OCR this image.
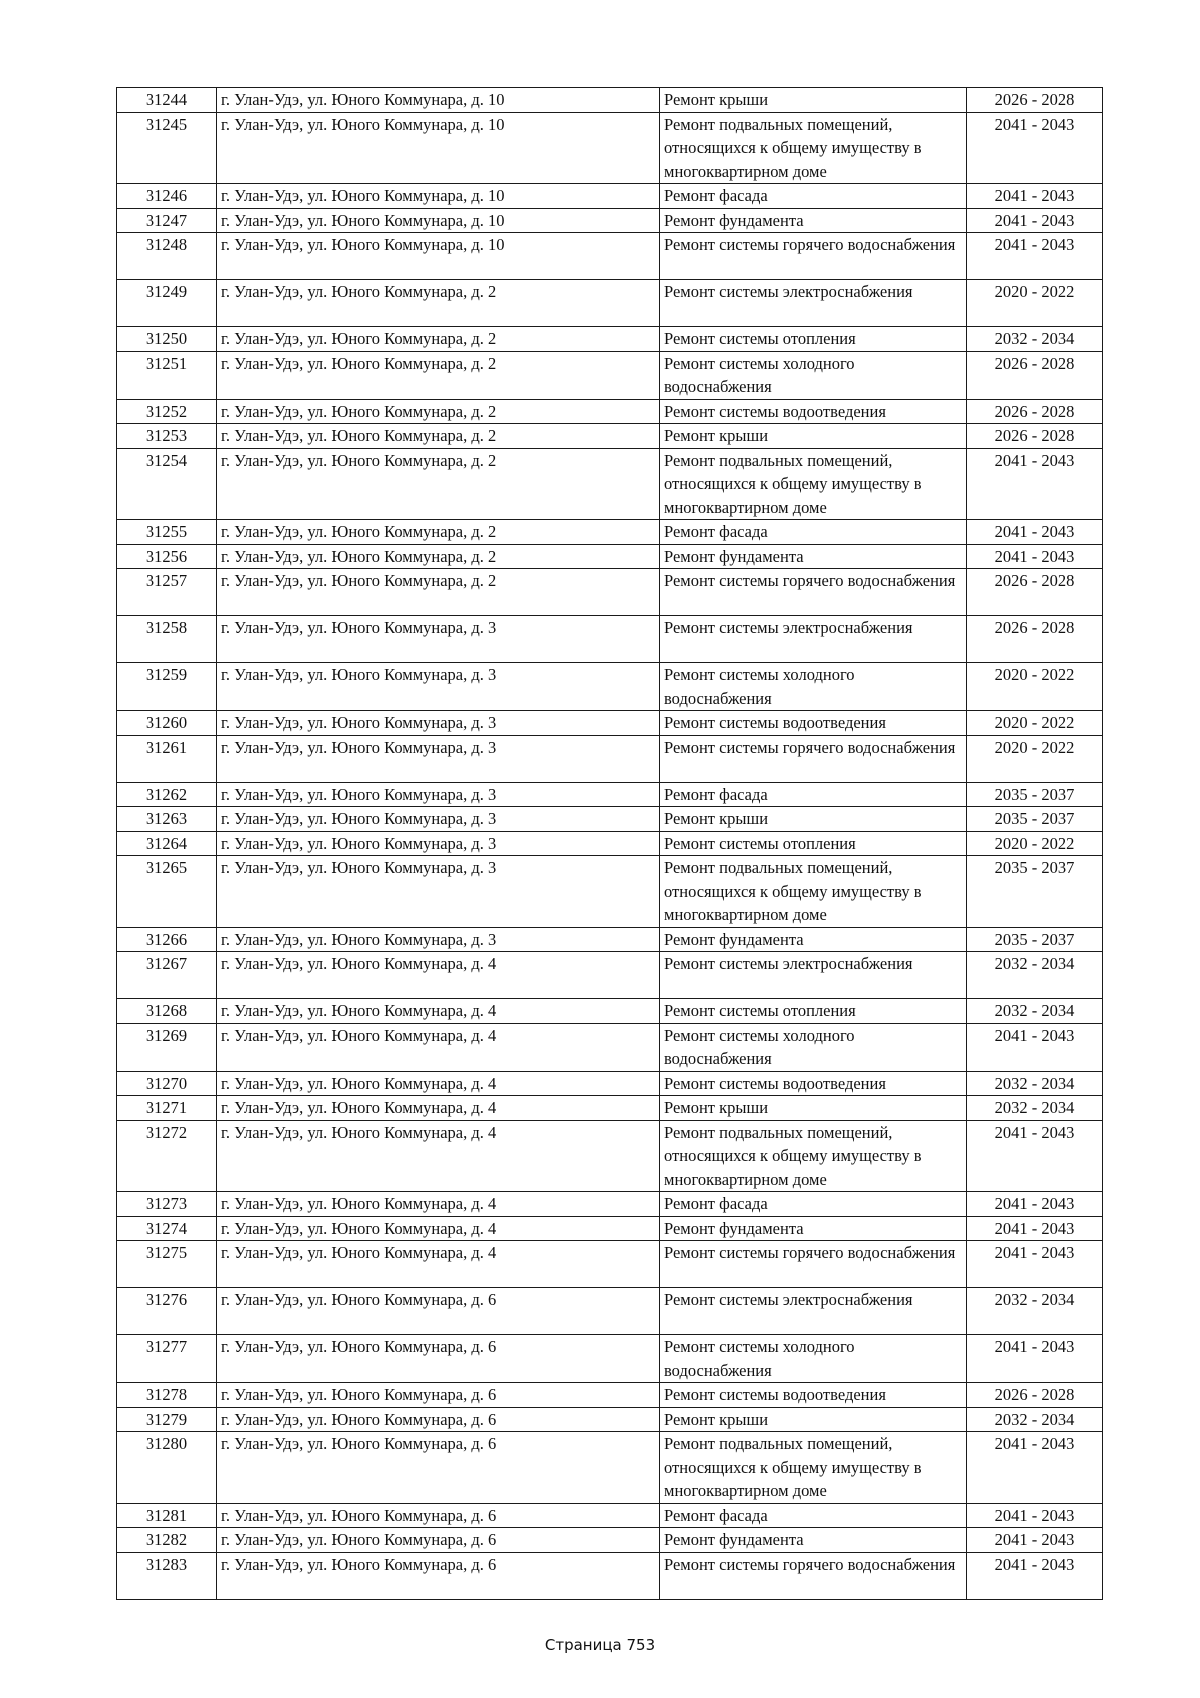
31244	г. Улан-Удэ, ул. Юного Коммунара, д. 10	Ремонт крыши	2026 - 2028
31245	г. Улан-Удэ, ул. Юного Коммунара, д. 10	Ремонт подвальных помещений, относящихся к общему имуществу в многоквартирном доме	2041 - 2043
31246	г. Улан-Удэ, ул. Юного Коммунара, д. 10	Ремонт фасада	2041 - 2043
31247	г. Улан-Удэ, ул. Юного Коммунара, д. 10	Ремонт фундамента	2041 - 2043
31248	г. Улан-Удэ, ул. Юного Коммунара, д. 10	Ремонт системы горячего водоснабжения	2041 - 2043
31249	г. Улан-Удэ, ул. Юного Коммунара, д. 2	Ремонт системы электроснабжения	2020 - 2022
31250	г. Улан-Удэ, ул. Юного Коммунара, д. 2	Ремонт системы отопления	2032 - 2034
31251	г. Улан-Удэ, ул. Юного Коммунара, д. 2	Ремонт системы холодного водоснабжения	2026 - 2028
31252	г. Улан-Удэ, ул. Юного Коммунара, д. 2	Ремонт системы водоотведения	2026 - 2028
31253	г. Улан-Удэ, ул. Юного Коммунара, д. 2	Ремонт крыши	2026 - 2028
31254	г. Улан-Удэ, ул. Юного Коммунара, д. 2	Ремонт подвальных помещений, относящихся к общему имуществу в многоквартирном доме	2041 - 2043
31255	г. Улан-Удэ, ул. Юного Коммунара, д. 2	Ремонт фасада	2041 - 2043
31256	г. Улан-Удэ, ул. Юного Коммунара, д. 2	Ремонт фундамента	2041 - 2043
31257	г. Улан-Удэ, ул. Юного Коммунара, д. 2	Ремонт системы горячего водоснабжения	2026 - 2028
31258	г. Улан-Удэ, ул. Юного Коммунара, д. 3	Ремонт системы электроснабжения	2026 - 2028
31259	г. Улан-Удэ, ул. Юного Коммунара, д. 3	Ремонт системы холодного водоснабжения	2020 - 2022
31260	г. Улан-Удэ, ул. Юного Коммунара, д. 3	Ремонт системы водоотведения	2020 - 2022
31261	г. Улан-Удэ, ул. Юного Коммунара, д. 3	Ремонт системы горячего водоснабжения	2020 - 2022
31262	г. Улан-Удэ, ул. Юного Коммунара, д. 3	Ремонт фасада	2035 - 2037
31263	г. Улан-Удэ, ул. Юного Коммунара, д. 3	Ремонт крыши	2035 - 2037
31264	г. Улан-Удэ, ул. Юного Коммунара, д. 3	Ремонт системы отопления	2020 - 2022
31265	г. Улан-Удэ, ул. Юного Коммунара, д. 3	Ремонт подвальных помещений, относящихся к общему имуществу в многоквартирном доме	2035 - 2037
31266	г. Улан-Удэ, ул. Юного Коммунара, д. 3	Ремонт фундамента	2035 - 2037
31267	г. Улан-Удэ, ул. Юного Коммунара, д. 4	Ремонт системы электроснабжения	2032 - 2034
31268	г. Улан-Удэ, ул. Юного Коммунара, д. 4	Ремонт системы отопления	2032 - 2034
31269	г. Улан-Удэ, ул. Юного Коммунара, д. 4	Ремонт системы холодного водоснабжения	2041 - 2043
31270	г. Улан-Удэ, ул. Юного Коммунара, д. 4	Ремонт системы водоотведения	2032 - 2034
31271	г. Улан-Удэ, ул. Юного Коммунара, д. 4	Ремонт крыши	2032 - 2034
31272	г. Улан-Удэ, ул. Юного Коммунара, д. 4	Ремонт подвальных помещений, относящихся к общему имуществу в многоквартирном доме	2041 - 2043
31273	г. Улан-Удэ, ул. Юного Коммунара, д. 4	Ремонт фасада	2041 - 2043
31274	г. Улан-Удэ, ул. Юного Коммунара, д. 4	Ремонт фундамента	2041 - 2043
31275	г. Улан-Удэ, ул. Юного Коммунара, д. 4	Ремонт системы горячего водоснабжения	2041 - 2043
31276	г. Улан-Удэ, ул. Юного Коммунара, д. 6	Ремонт системы электроснабжения	2032 - 2034
31277	г. Улан-Удэ, ул. Юного Коммунара, д. 6	Ремонт системы холодного водоснабжения	2041 - 2043
31278	г. Улан-Удэ, ул. Юного Коммунара, д. 6	Ремонт системы водоотведения	2026 - 2028
31279	г. Улан-Удэ, ул. Юного Коммунара, д. 6	Ремонт крыши	2032 - 2034
31280	г. Улан-Удэ, ул. Юного Коммунара, д. 6	Ремонт подвальных помещений, относящихся к общему имуществу в многоквартирном доме	2041 - 2043
31281	г. Улан-Удэ, ул. Юного Коммунара, д. 6	Ремонт фасада	2041 - 2043
31282	г. Улан-Удэ, ул. Юного Коммунара, д. 6	Ремонт фундамента	2041 - 2043
31283	г. Улан-Удэ, ул. Юного Коммунара, д. 6	Ремонт системы горячего водоснабжения	2041 - 2043
Страница 753
